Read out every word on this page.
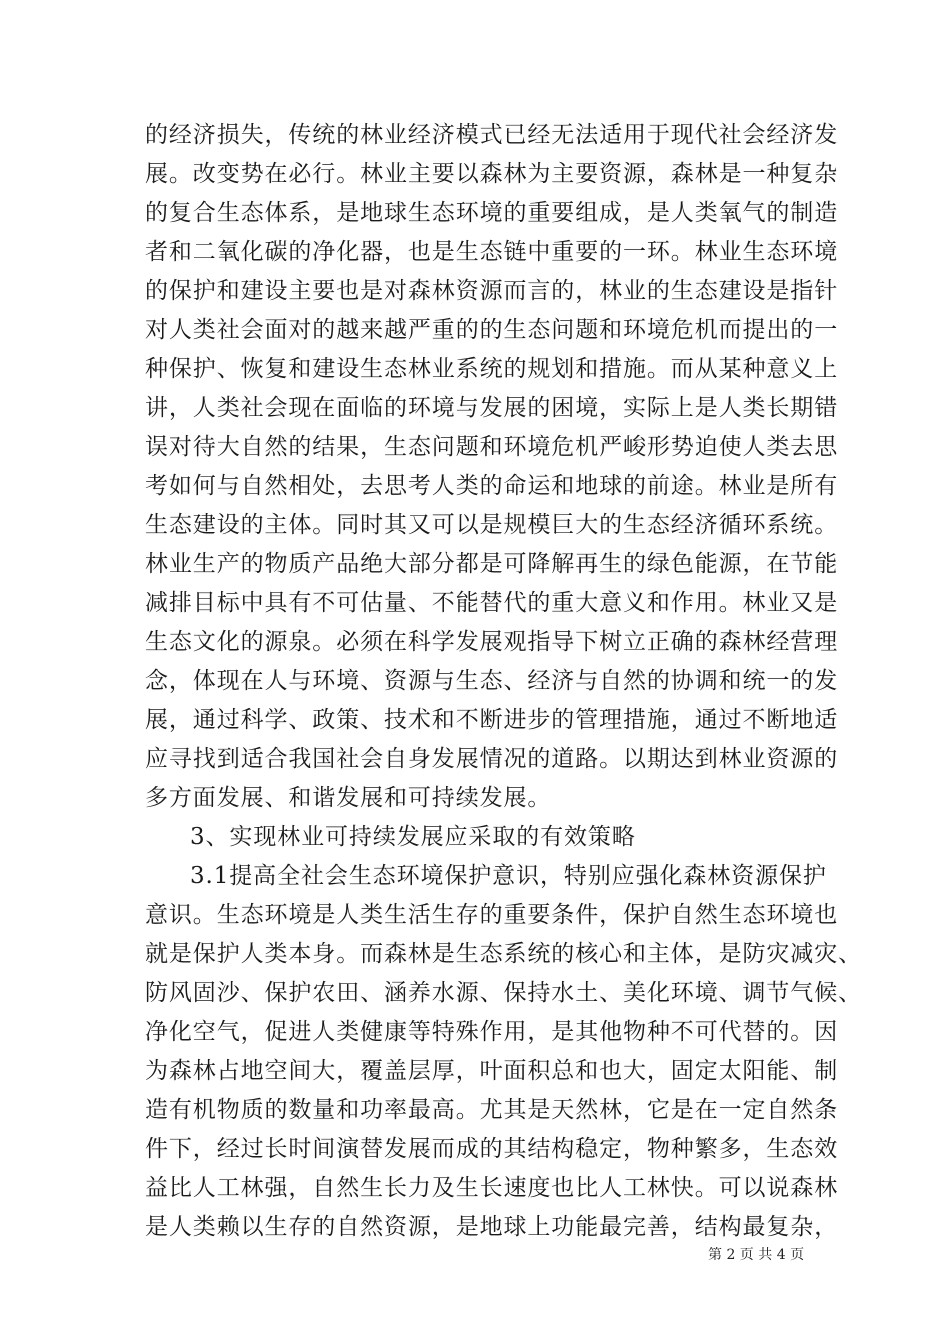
的经济损失，传统的林业经济模式已经无法适用于现代社会经济发
展。改变势在必行。林业主要以森林为主要资源，森林是一种复杂
的复合生态体系，是地球生态环境的重要组成，是人类氧气的制造
者和二氧化碳的净化器，也是生态链中重要的一环。林业生态环境
的保护和建设主要也是对森林资源而言的，林业的生态建设是指针
对人类社会面对的越来越严重的的生态问题和环境危机而提出的一
种保护、恢复和建设生态林业系统的规划和措施。而从某种意义上
讲，人类社会现在面临的环境与发展的困境，实际上是人类长期错
误对待大自然的结果，生态问题和环境危机严峻形势迫使人类去思
考如何与自然相处，去思考人类的命运和地球的前途。林业是所有
生态建设的主体。同时其又可以是规模巨大的生态经济循环系统。
林业生产的物质产品绝大部分都是可降解再生的绿色能源，在节能
减排目标中具有不可估量、不能替代的重大意义和作用。林业又是
生态文化的源泉。必须在科学发展观指导下树立正确的森林经营理
念，体现在人与环境、资源与生态、经济与自然的协调和统一的发
展，通过科学、政策、技术和不断进步的管理措施，通过不断地适
应寻找到适合我国社会自身发展情况的道路。以期达到林业资源的
多方面发展、和谐发展和可持续发展。
3、实现林业可持续发展应采取的有效策略
3.1提高全社会生态环境保护意识，特别应强化森林资源保护
意识。生态环境是人类生活生存的重要条件，保护自然生态环境也
就是保护人类本身。而森林是生态系统的核心和主体，是防灾减灾、
防风固沙、保护农田、涵养水源、保持水土、美化环境、调节气候、
净化空气，促进人类健康等特殊作用，是其他物种不可代替的。因
为森林占地空间大，覆盖层厚，叶面积总和也大，固定太阳能、制
造有机物质的数量和功率最高。尤其是天然林，它是在一定自然条
件下，经过长时间演替发展而成的其结构稳定，物种繁多，生态效
益比人工林强，自然生长力及生长速度也比人工林快。可以说森林
是人类赖以生存的自然资源，是地球上功能最完善，结构最复杂，
第 2 页 共 4 页
